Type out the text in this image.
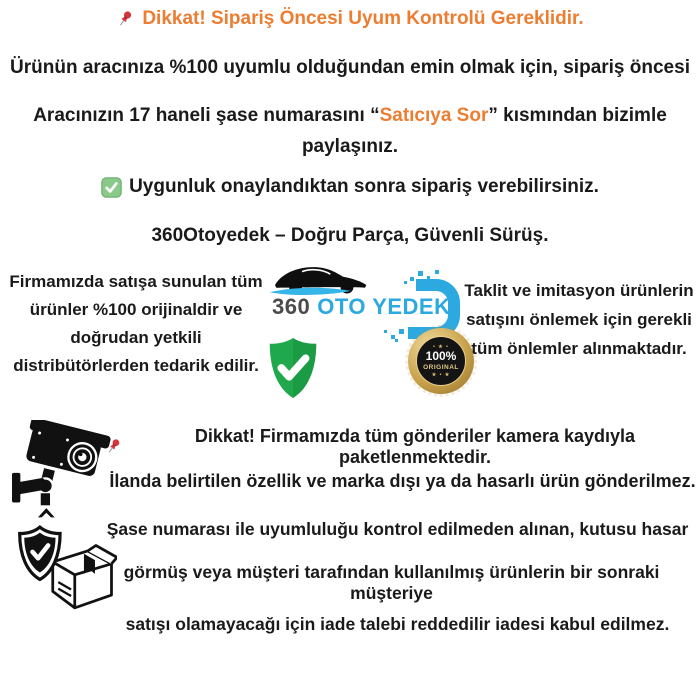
Dikkat! Sipariş Öncesi Uyum Kontrolü Gereklidir.
Ürünün aracınıza %100 uyumlu olduğundan emin olmak için, sipariş öncesi
Aracınızın 17 haneli şase numarasını “Satıcıya Sor” kısmından bizimle paylaşınız.
Uygunluk onaylandıktan sonra sipariş verebilirsiniz.
360Otoyedek – Doğru Parça, Güvenli Sürüş.
Firmamızda satışa sunulan tüm ürünler %100 orijinaldir ve doğrudan yetkili distribütörlerden tedarik edilir.
360 OTO YEDEK
• ★ •
100%
ORIGINAL
★ • ★
Taklit ve imitasyon ürünlerin satışını önlemek için gerekli tüm önlemler alınmaktadır.
Dikkat! Firmamızda tüm gönderiler kamera kaydıyla paketlenmektedir.
İlanda belirtilen özellik ve marka dışı ya da hasarlı ürün gönderilmez.
Şase numarası ile uyumluluğu kontrol edilmeden alınan, kutusu hasar
görmüş veya müşteri tarafından kullanılmış ürünlerin bir sonraki müşteriye
satışı olamayacağı için iade talebi reddedilir iadesi kabul edilmez.
